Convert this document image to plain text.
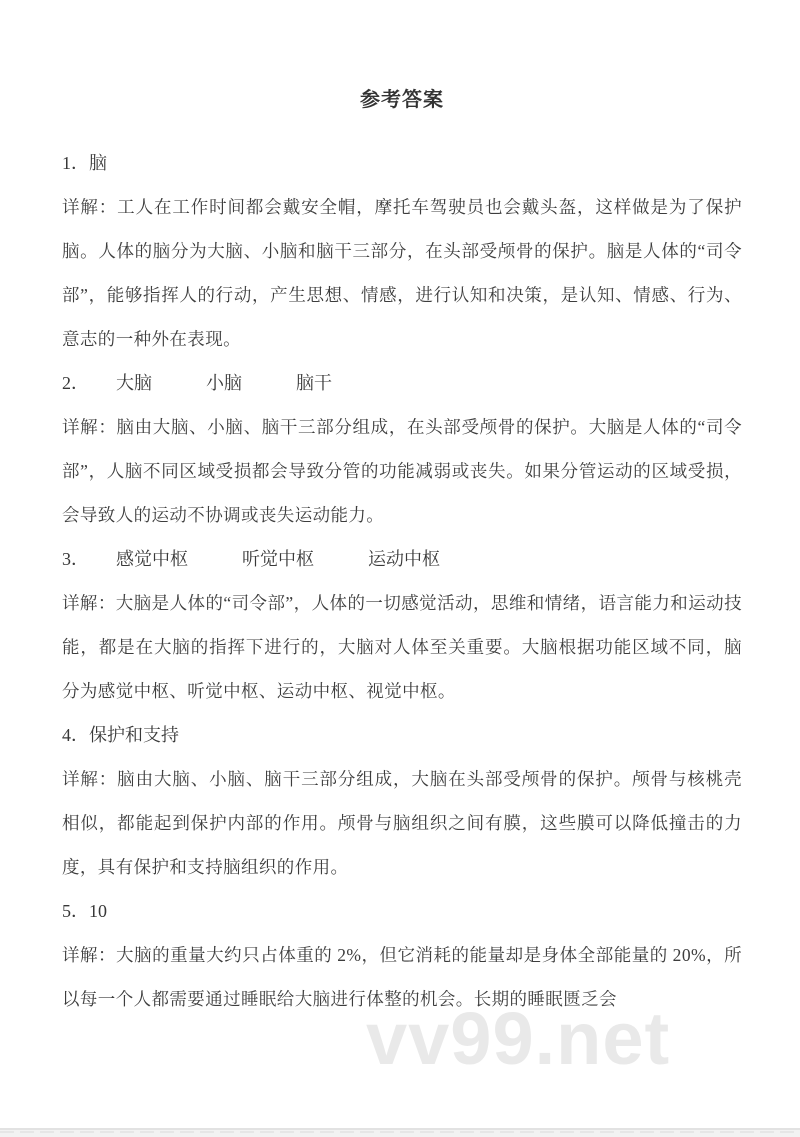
参考答案
1．脑
详解：工人在工作时间都会戴安全帽，摩托车驾驶员也会戴头盔，这样做是为了保护脑。人体的脑分为大脑、小脑和脑干三部分，在头部受颅骨的保护。脑是人体的“司令部”，能够指挥人的行动，产生思想、情感，进行认知和决策，是认知、情感、行为、意志的一种外在表现。
2．　　大脑　　　小脑　　　脑干
详解：脑由大脑、小脑、脑干三部分组成，在头部受颅骨的保护。大脑是人体的“司令部”，人脑不同区域受损都会导致分管的功能减弱或丧失。如果分管运动的区域受损，会导致人的运动不协调或丧失运动能力。
3．　　感觉中枢　　　听觉中枢　　　运动中枢
详解：大脑是人体的“司令部”，人体的一切感觉活动，思维和情绪，语言能力和运动技能，都是在大脑的指挥下进行的，大脑对人体至关重要。大脑根据功能区域不同，脑分为感觉中枢、听觉中枢、运动中枢、视觉中枢。
4．保护和支持
详解：脑由大脑、小脑、脑干三部分组成，大脑在头部受颅骨的保护。颅骨与核桃壳相似，都能起到保护内部的作用。颅骨与脑组织之间有膜，这些膜可以降低撞击的力度，具有保护和支持脑组织的作用。
5．10
详解：大脑的重量大约只占体重的 2%，但它消耗的能量却是身体全部能量的 20%，所以每一个人都需要通过睡眠给大脑进行体整的机会。长期的睡眠匮乏会
vv99.net
